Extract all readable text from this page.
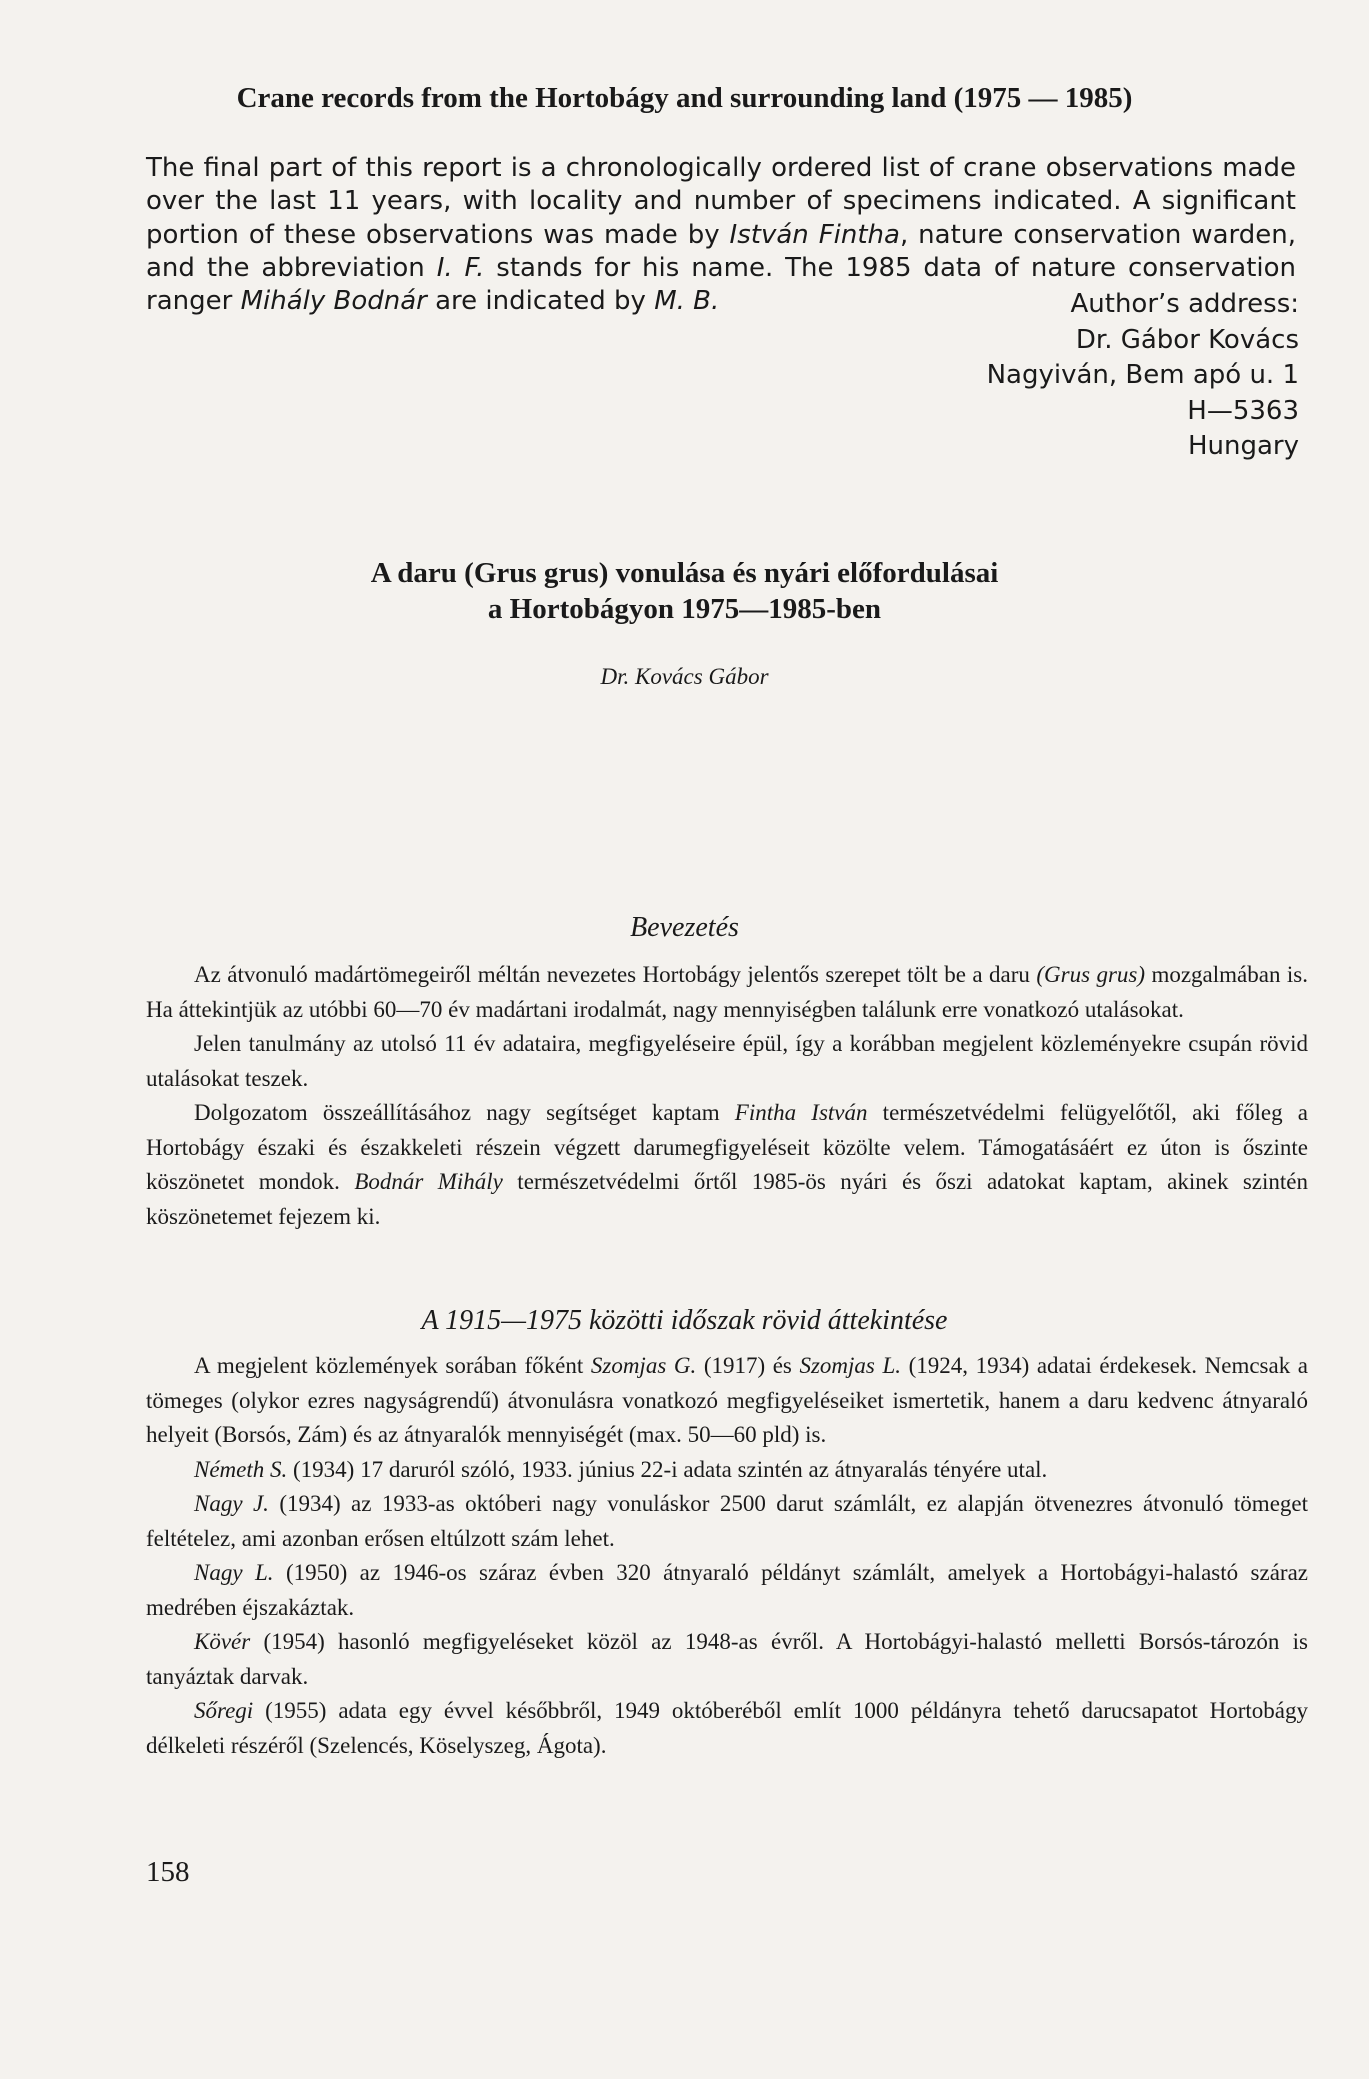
Crane records from the Hortobágy and surrounding land (1975 — 1985)

The final part of this report is a chronologically ordered list of crane observations made over the last 11 years, with locality and number of specimens indicated. A significant portion of these observations was made by István Fintha, nature conservation warden, and the abbreviation I. F. stands for his name. The 1985 data of nature conservation ranger Mihály Bodnár are indicated by M. B.	Author’s address:
Dr. Gábor Kovács
Nagyiván, Bem apó u. 1
H—5363
Hungary
A daru (Grus grus) vonulása és nyári előfordulásai
a Hortobágyon 1975—1985-ben
Dr. Kovács Gábor
Bevezetés

Az átvonuló madártömegeiről méltán nevezetes Hortobágy jelentős szerepet tölt be a daru (Grus grus) mozgalmában is. Ha áttekintjük az utóbbi 60—70 év madártani irodalmát, nagy mennyiségben találunk erre vonatkozó utalásokat.

Jelen tanulmány az utolsó 11 év adataira, megfigyeléseire épül, így a korábban megjelent közleményekre csupán rövid utalásokat teszek.

Dolgozatom összeállításához nagy segítséget kaptam Fintha István természetvédelmi felügyelőtől, aki főleg a Hortobágy északi és északkeleti részein végzett darumegfigyeléseit közölte velem. Támogatásáért ez úton is őszinte köszönetet mondok. Bodnár Mihály természetvédelmi őrtől 1985-ös nyári és őszi adatokat kaptam, akinek szintén köszönetemet fejezem ki.

A 1915—1975 közötti időszak rövid áttekintése

A megjelent közlemények sorában főként Szomjas G. (1917) és Szomjas L. (1924, 1934) adatai érdekesek. Nemcsak a tömeges (olykor ezres nagyságrendű) átvonulásra vonatkozó megfigyeléseiket ismertetik, hanem a daru kedvenc átnyaraló helyeit (Borsós, Zám) és az átnyaralók mennyiségét (max. 50—60 pld) is.

Németh S. (1934) 17 daruról szóló, 1933. június 22-i adata szintén az átnyaralás tényére utal.

Nagy J. (1934) az 1933-as októberi nagy vonuláskor 2500 darut számlált, ez alapján ötvenezres átvonuló tömeget feltételez, ami azonban erősen eltúlzott szám lehet.

Nagy L. (1950) az 1946-os száraz évben 320 átnyaraló példányt számlált, amelyek a Hortobágyi-halastó száraz medrében éjszakáztak.

Kövér (1954) hasonló megfigyeléseket közöl az 1948-as évről. A Hortobágyi-halastó melletti Borsós-tározón is tanyáztak darvak.

Sőregi (1955) adata egy évvel későbbről, 1949 októberéből említ 1000 példányra tehető darucsapatot Hortobágy délkeleti részéről (Szelencés, Köselyszeg, Ágota).

158
